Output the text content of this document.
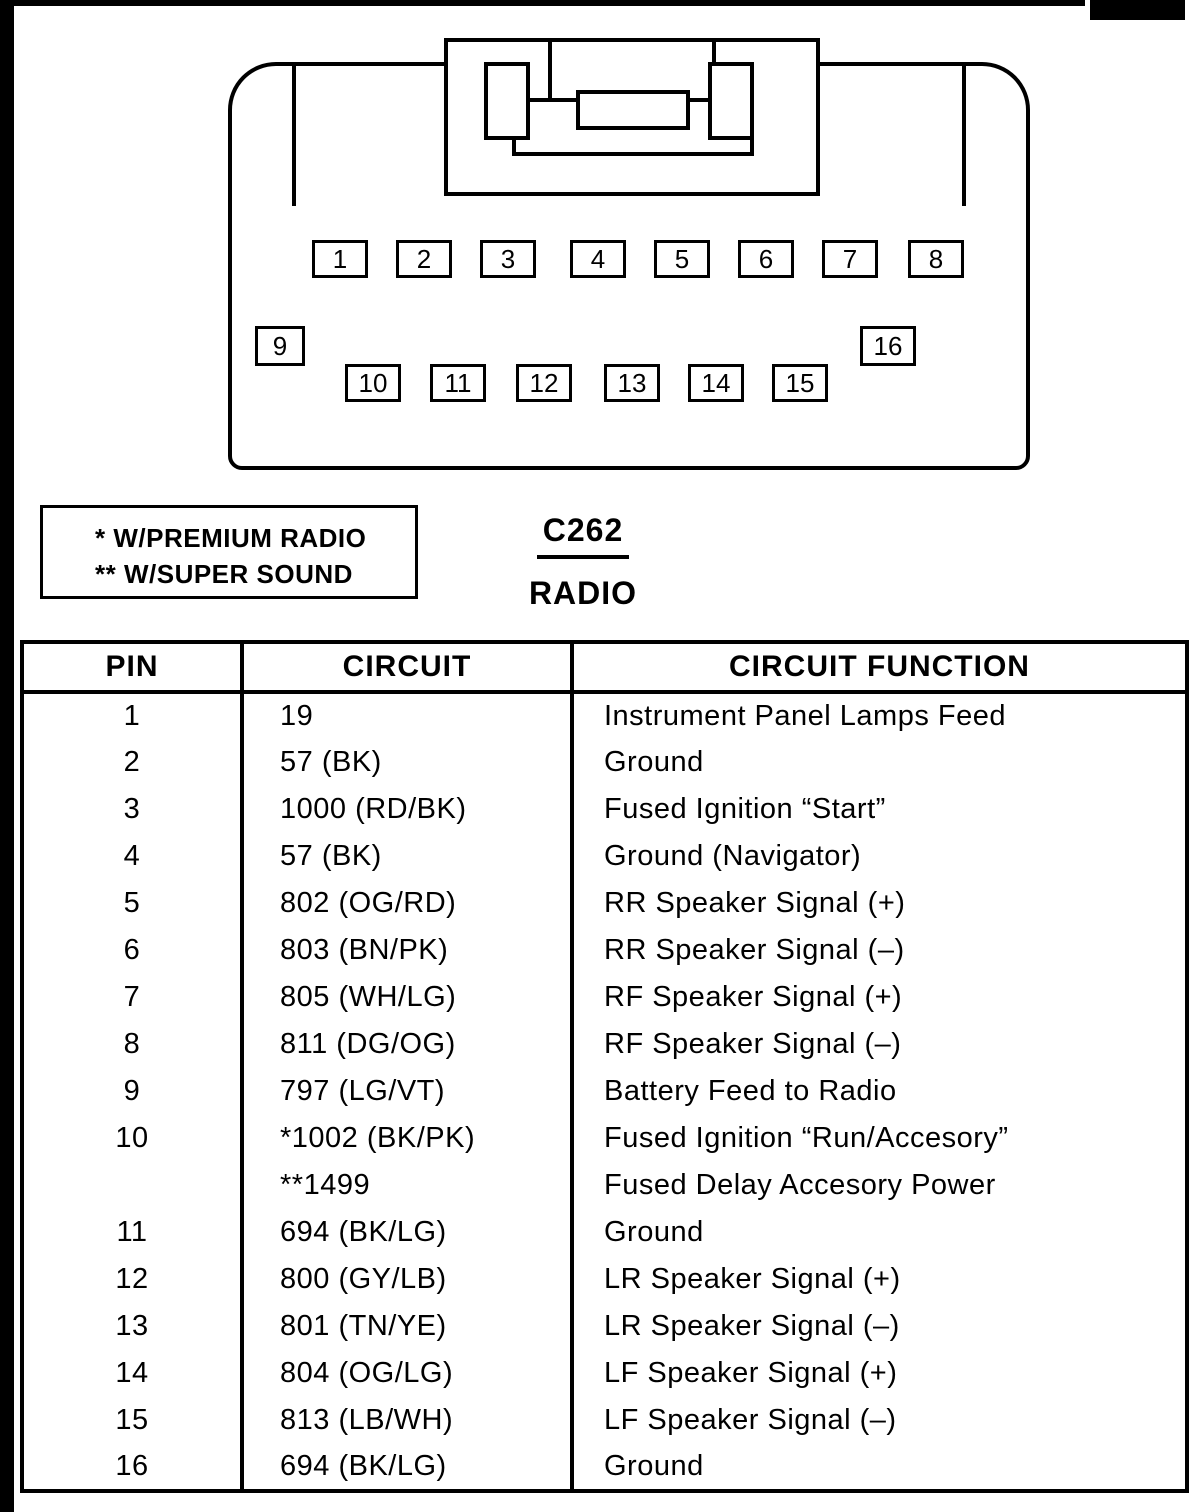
1	2	3	4	5	6	7	8
9	16
10 11 12 13 14 15
* W/PREMIUM RADIO
** W/SUPER SOUND
C262
RADIO
PIN	CIRCUIT	CIRCUIT FUNCTION
1	19	Instrument Panel Lamps Feed
2	57 (BK)	Ground
3	1000 (RD/BK)	Fused Ignition “Start”
4	57 (BK)	Ground (Navigator)
5	802 (OG/RD)	RR Speaker Signal (+)
6	803 (BN/PK)	RR Speaker Signal (–)
7	805 (WH/LG)	RF Speaker Signal (+)
8	811 (DG/OG)	RF Speaker Signal (–)
9	797 (LG/VT)	Battery Feed to Radio
10	*1002 (BK/PK)	Fused Ignition “Run/Accesory”
	**1499	Fused Delay Accesory Power
11	694 (BK/LG)	Ground
12	800 (GY/LB)	LR Speaker Signal (+)
13	801 (TN/YE)	LR Speaker Signal (–)
14	804 (OG/LG)	LF Speaker Signal (+)
15	813 (LB/WH)	LF Speaker Signal (–)
16	694 (BK/LG)	Ground
